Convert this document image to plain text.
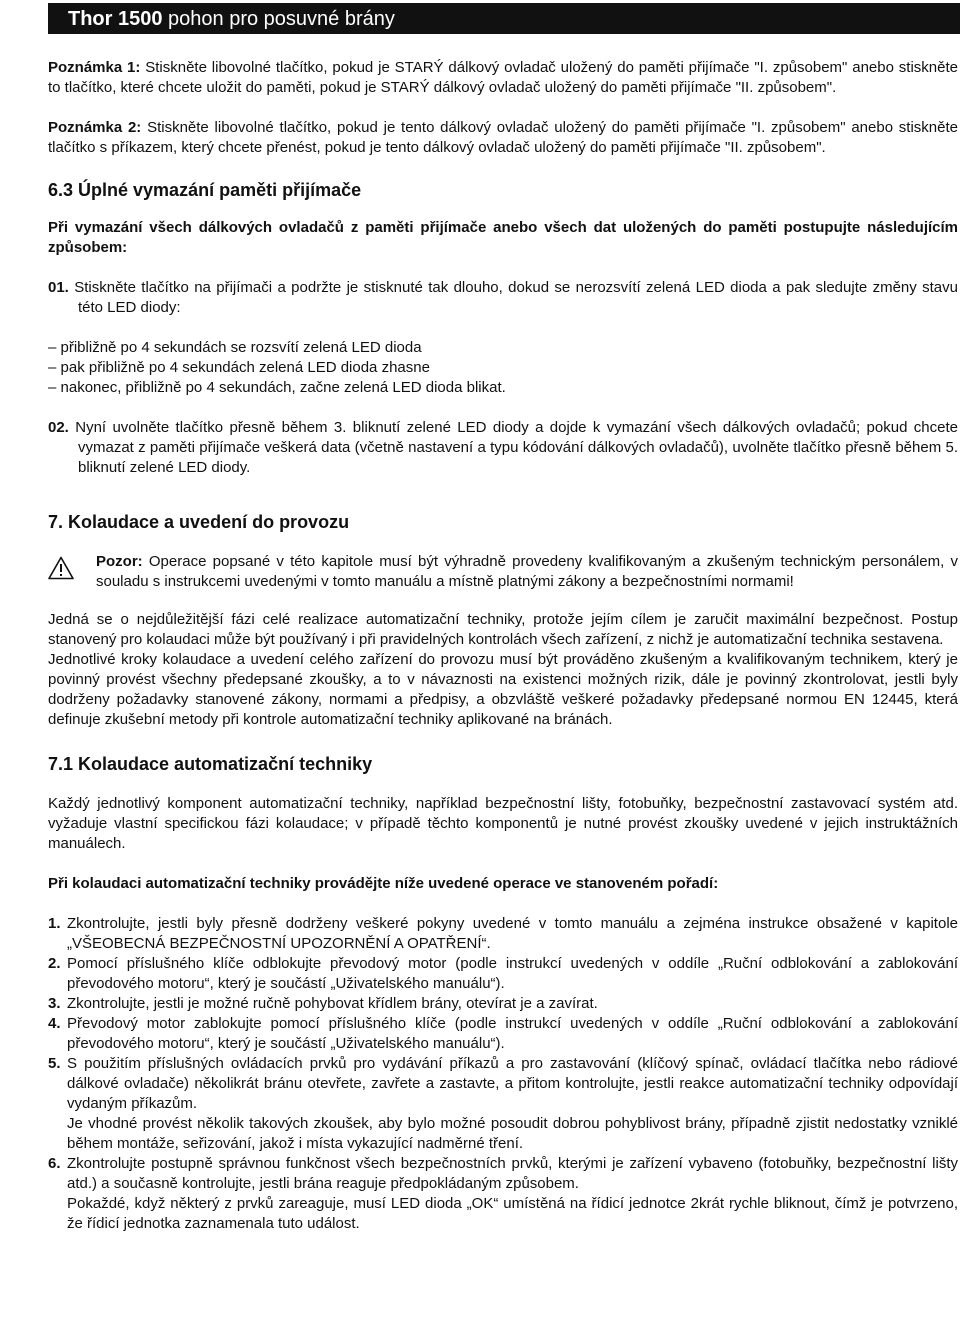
Thor 1500 pohon pro posuvné brány

Poznámka 1: Stiskněte libovolné tlačítko, pokud je STARÝ dálkový ovladač uložený do paměti přijímače "I. způsobem" anebo stiskněte to tlačítko, které chcete uložit do paměti, pokud je STARÝ dálkový ovladač uložený do paměti přijímače "II. způsobem".

Poznámka 2: Stiskněte libovolné tlačítko, pokud je tento dálkový ovladač uložený do paměti přijímače "I. způsobem" anebo stiskněte tlačítko s příkazem, který chcete přenést, pokud je tento dálkový ovladač uložený do paměti přijímače "II. způsobem".

6.3 Úplné vymazání paměti přijímače

Při vymazání všech dálkových ovladačů z paměti přijímače anebo všech dat uložených do paměti postupujte následujícím způsobem:

01. Stiskněte tlačítko na přijímači a podržte je stisknuté tak dlouho, dokud se nerozsvítí zelená LED dioda a pak sledujte změny stavu této LED diody:

– přibližně po 4 sekundách se rozsvítí zelená LED dioda
– pak přibližně po 4 sekundách zelená LED dioda zhasne
– nakonec, přibližně po 4 sekundách, začne zelená LED dioda blikat.

02. Nyní uvolněte tlačítko přesně během 3. bliknutí zelené LED diody a dojde k vymazání všech dálkových ovladačů; pokud chcete vymazat z paměti přijímače veškerá data (včetně nastavení a typu kódování dálkových ovladačů), uvolněte tlačítko přesně během 5. bliknutí zelené LED diody.

7. Kolaudace a uvedení do provozu

Pozor: Operace popsané v této kapitole musí být výhradně provedeny kvalifikovaným a zkušeným technickým personálem, v souladu s instrukcemi uvedenými v tomto manuálu a místně platnými zákony a bezpečnostními normami!

Jedná se o nejdůležitější fázi celé realizace automatizační techniky, protože jejím cílem je zaručit maximální bezpečnost. Postup stanovený pro kolaudaci může být používaný i při pravidelných kontrolách všech zařízení, z nichž je automatizační technika sestavena.

Jednotlivé kroky kolaudace a uvedení celého zařízení do provozu musí být prováděno zkušeným a kvalifikovaným technikem, který je povinný provést všechny předepsané zkoušky, a to v návaznosti na existenci možných rizik, dále je povinný zkontrolovat, jestli byly dodrženy požadavky stanovené zákony, normami a předpisy, a obzvláště veškeré požadavky předepsané normou EN 12445, která definuje zkušební metody při kontrole automatizační techniky aplikované na bránách.

7.1 Kolaudace automatizační techniky

Každý jednotlivý komponent automatizační techniky, například bezpečnostní lišty, fotobuňky, bezpečnostní zastavovací systém atd. vyžaduje vlastní specifickou fázi kolaudace; v případě těchto komponentů je nutné provést zkoušky uvedené v jejich instruktážních manuálech.

Při kolaudaci automatizační techniky provádějte níže uvedené operace ve stanoveném pořadí:

1. Zkontrolujte, jestli byly přesně dodrženy veškeré pokyny uvedené v tomto manuálu a zejména instrukce obsažené v kapitole „VŠEOBECNÁ BEZPEČNOSTNÍ UPOZORNĚNÍ A OPATŘENÍ“.

2. Pomocí příslušného klíče odblokujte převodový motor (podle instrukcí uvedených v oddíle „Ruční odblokování a zablokování převodového motoru“, který je součástí „Uživatelského manuálu“).

3. Zkontrolujte, jestli je možné ručně pohybovat křídlem brány, otevírat je a zavírat.

4. Převodový motor zablokujte pomocí příslušného klíče (podle instrukcí uvedených v oddíle „Ruční odblokování a zablokování převodového motoru“, který je součástí „Uživatelského manuálu“).

5. S použitím příslušných ovládacích prvků pro vydávání příkazů a pro zastavování (klíčový spínač, ovládací tlačítka nebo rádiové dálkové ovladače) několikrát bránu otevřete, zavřete a zastavte, a přitom kontrolujte, jestli reakce automatizační techniky odpovídají vydaným příkazům.

Je vhodné provést několik takových zkoušek, aby bylo možné posoudit dobrou pohyblivost brány, případně zjistit nedostatky vzniklé během montáže, seřizování, jakož i místa vykazující nadměrné tření.

6. Zkontrolujte postupně správnou funkčnost všech bezpečnostních prvků, kterými je zařízení vybaveno (fotobuňky, bezpečnostní lišty atd.) a současně kontrolujte, jestli brána reaguje předpokládaným způsobem.

Pokaždé, když některý z prvků zareaguje, musí LED dioda „OK“ umístěná na řídicí jednotce 2krát rychle bliknout, čímž je potvrzeno, že řídicí jednotka zaznamenala tuto událost.
